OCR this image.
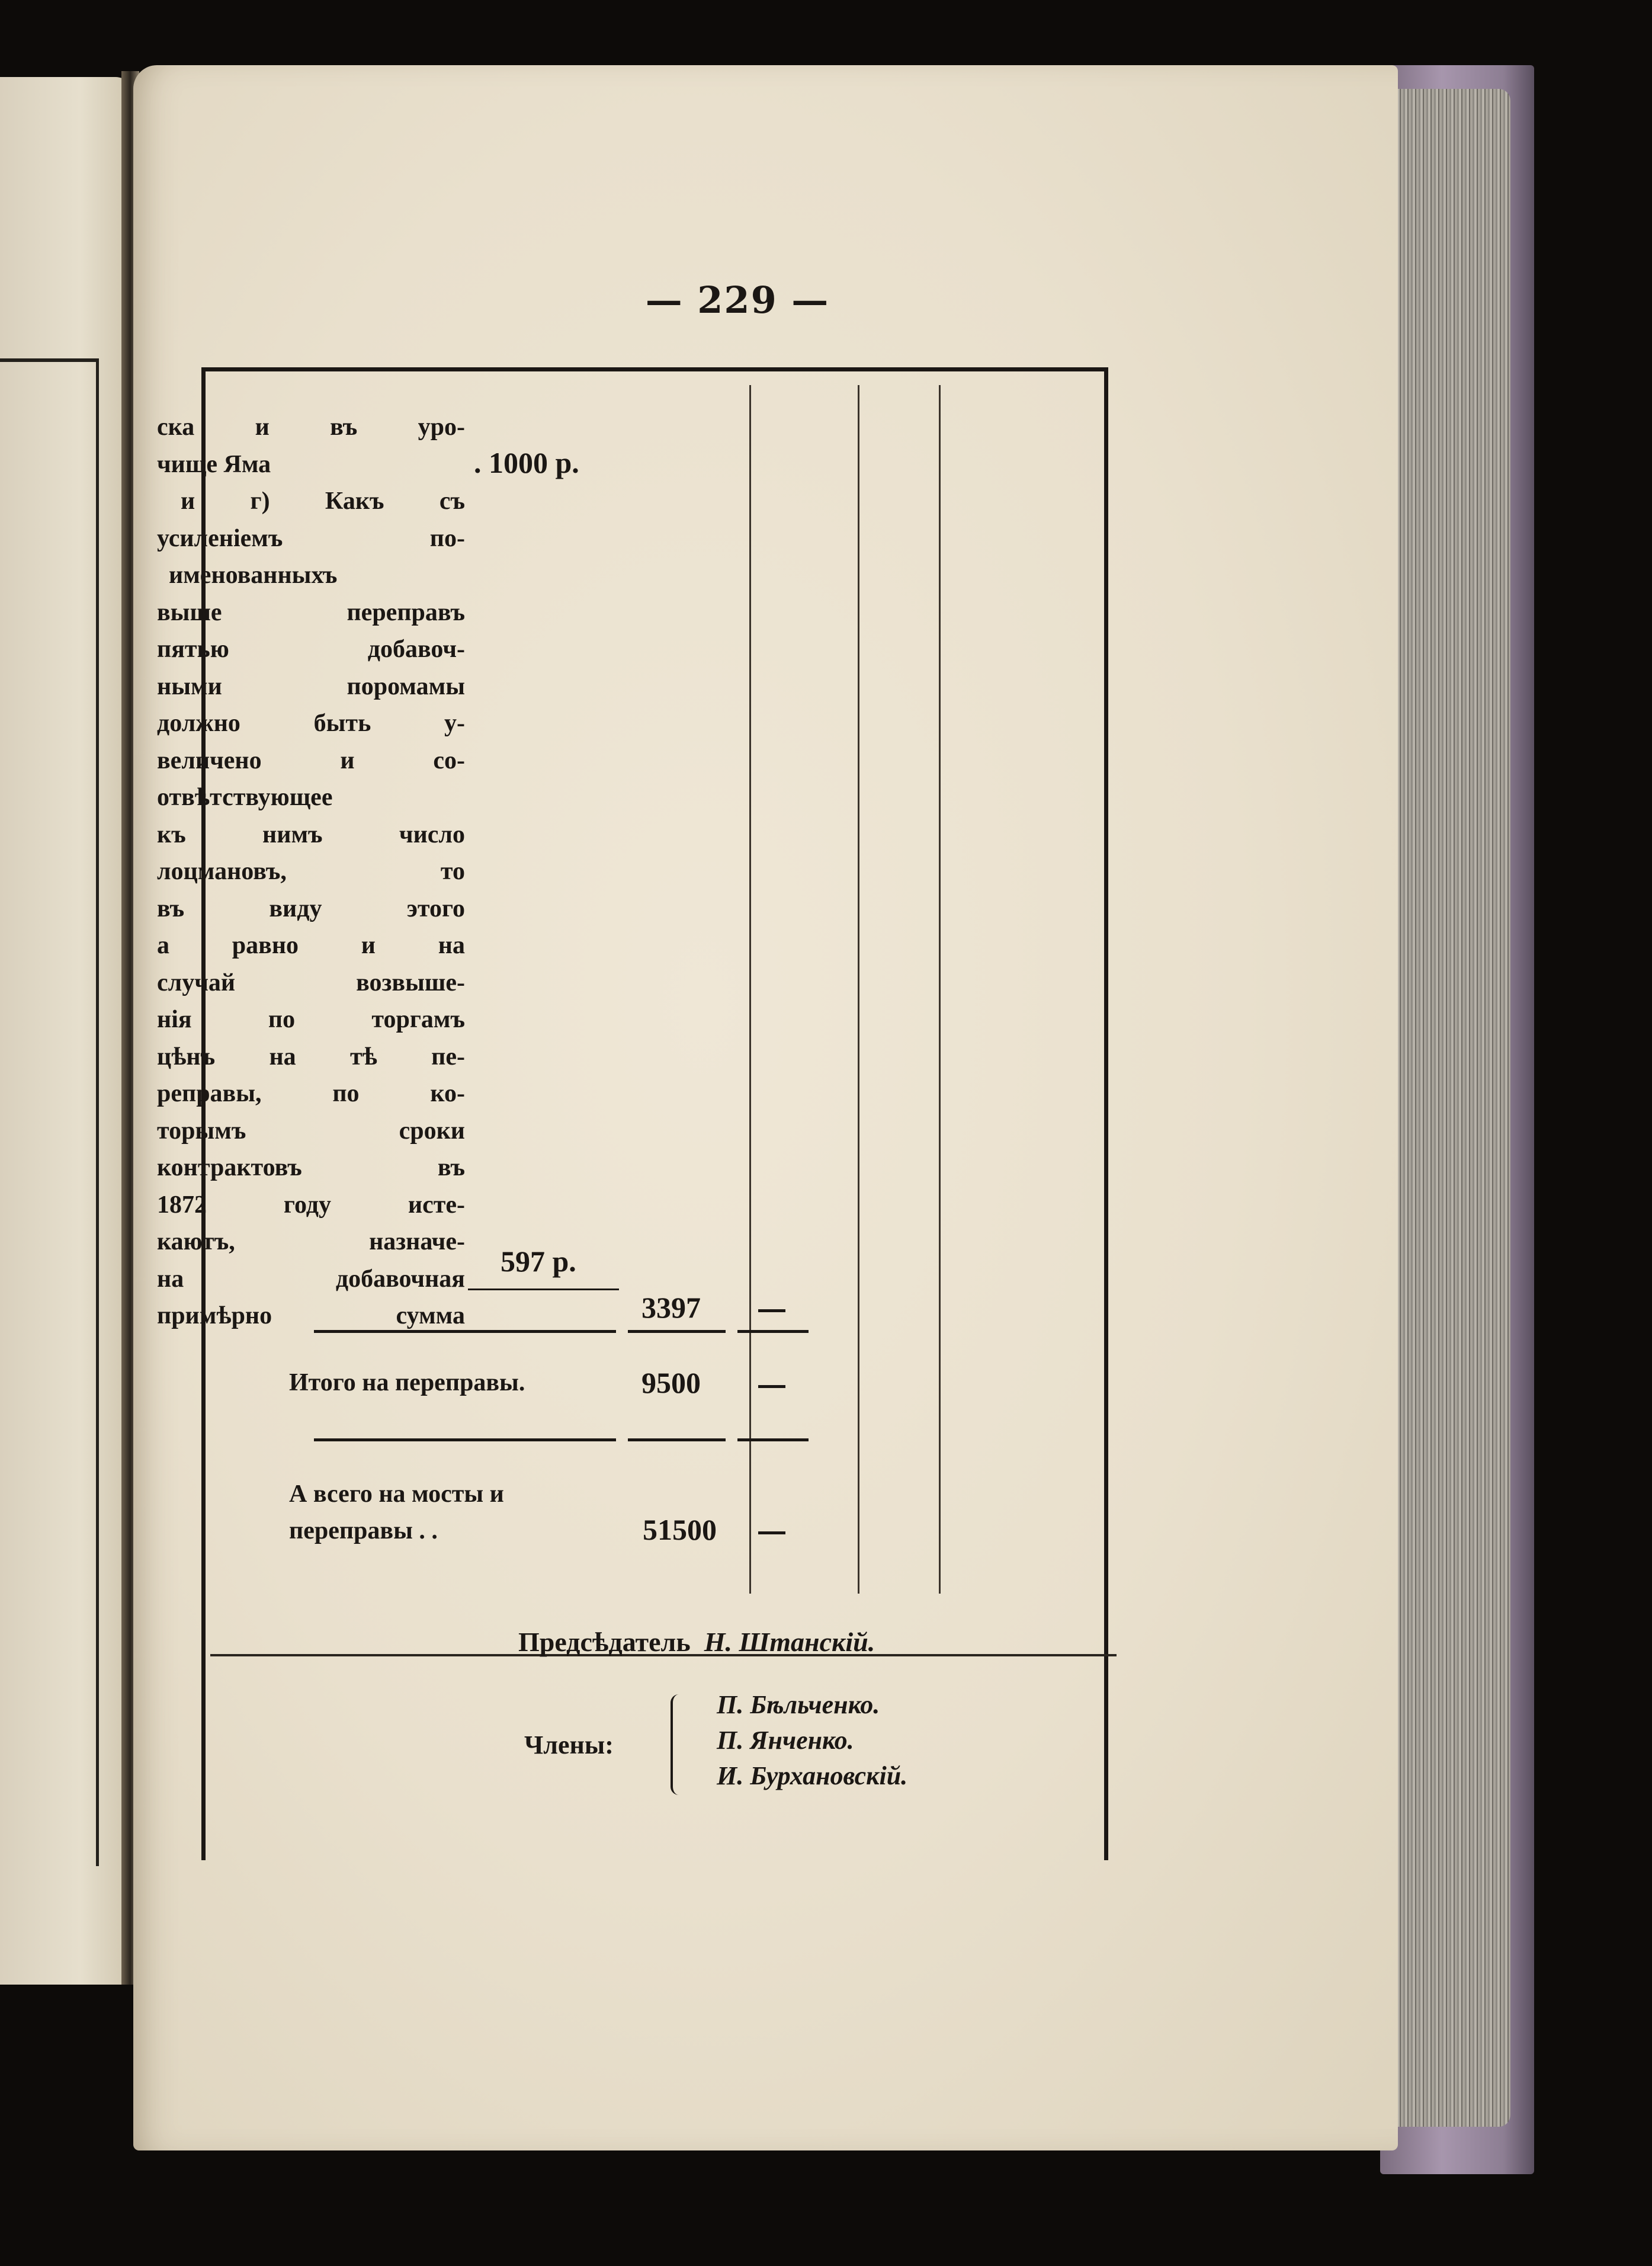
— 229 —
ска и въ уро-
чище Яма
и г) Какъ съ
усиленіемъ по-
именованныхъ
выше переправъ
пятью добавоч-
ными поромамы
должно быть у-
величено и со-
отвѣтствующее
къ нимъ число
лоцмановъ, то
въ виду этого
а равно и на
случай возвыше-
нія по торгамъ
цѣнъ на тѣ пе-
реправы, по ко-
торымъ сроки
контрактовъ въ
1872 году исте-
каютъ, назначе-
на добавочная
примѣрно сумма
. 1000 р.
597 р.
3397
Итого на переправы.	9500
А всего на мосты и
переправы . .	51500
Предсѣдатель Н. Штанскій.
Члены:
П. Бѣльченко.
П. Янченко.
И. Бурхановскій.
